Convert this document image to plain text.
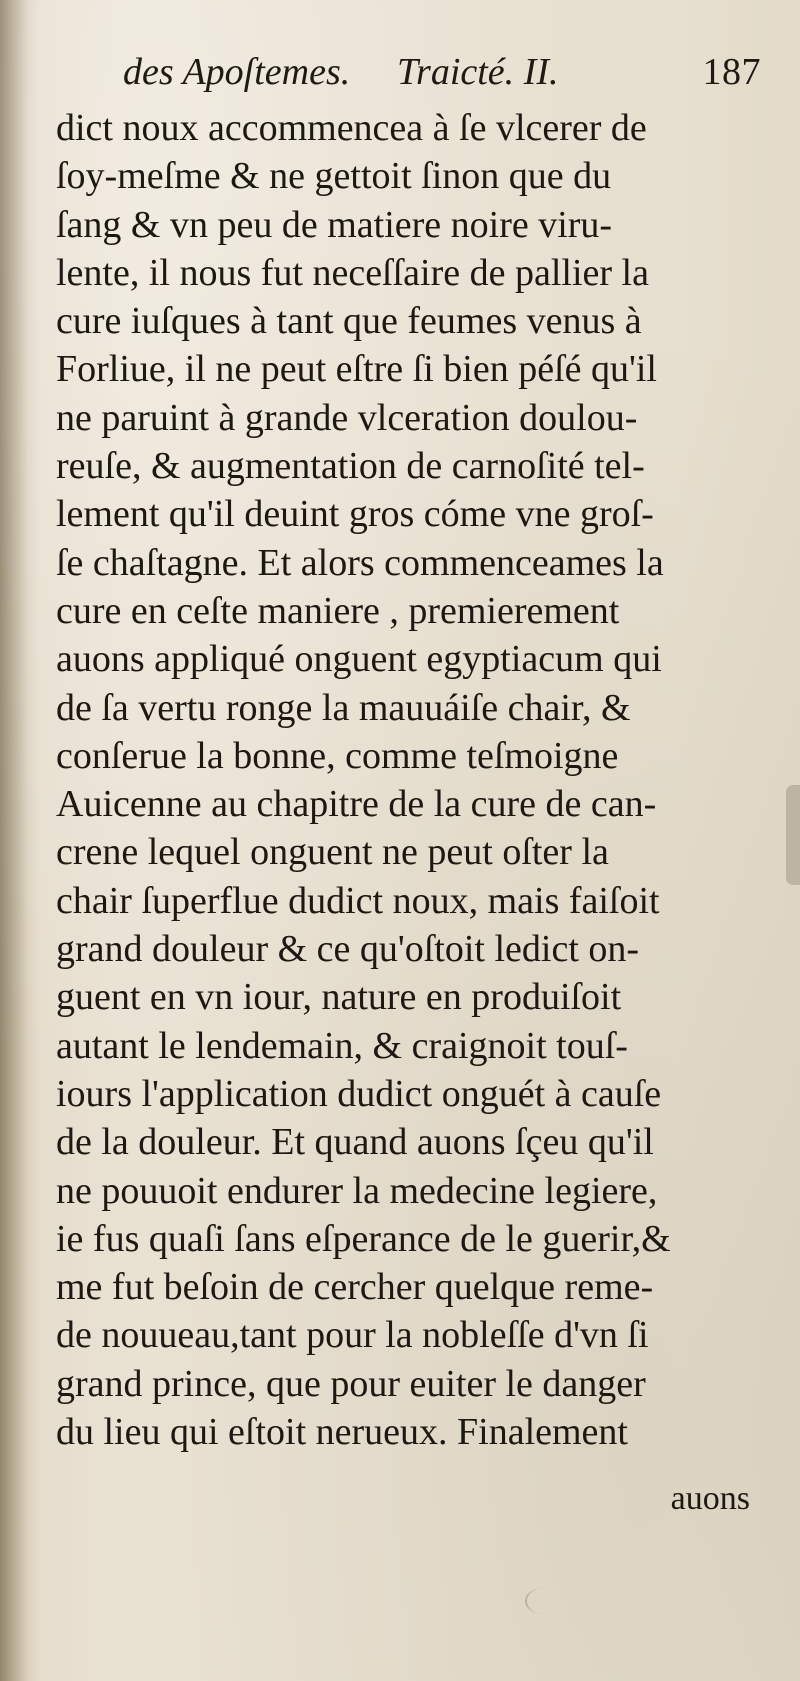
des Apoſtemes. Traicté. II.	187
dict noux accommencea à ſe vlcerer de
ſoy-meſme & ne gettoit ſinon que du
ſang & vn peu de matiere noire viru-
lente, il nous fut neceſſaire de pallier la
cure iuſques à tant que feumes venus à
Forliue, il ne peut eſtre ſi bien péſé qu'il
ne paruint à grande vlceration doulou-
reuſe, & augmentation de carnoſité tel-
lement qu'il deuint gros cóme vne groſ-
ſe chaſtagne. Et alors commenceames la
cure en ceſte maniere , premierement
auons appliqué onguent egyptiacum qui
de ſa vertu ronge la mauuáiſe chair, &
conſerue la bonne, comme teſmoigne
Auicenne au chapitre de la cure de can-
crene lequel onguent ne peut oſter la
chair ſuperflue dudict noux, mais faiſoit
grand douleur & ce qu'oſtoit ledict on-
guent en vn iour, nature en produiſoit
autant le lendemain, & craignoit touſ-
iours l'application dudict onguét à cauſe
de la douleur. Et quand auons ſçeu qu'il
ne pouuoit endurer la medecine legiere,
ie fus quaſi ſans eſperance de le guerir,&
me fut beſoin de cercher quelque reme-
de nouueau,tant pour la nobleſſe d'vn ſi
grand prince, que pour euiter le danger
du lieu qui eſtoit nerueux. Finalement
auons
